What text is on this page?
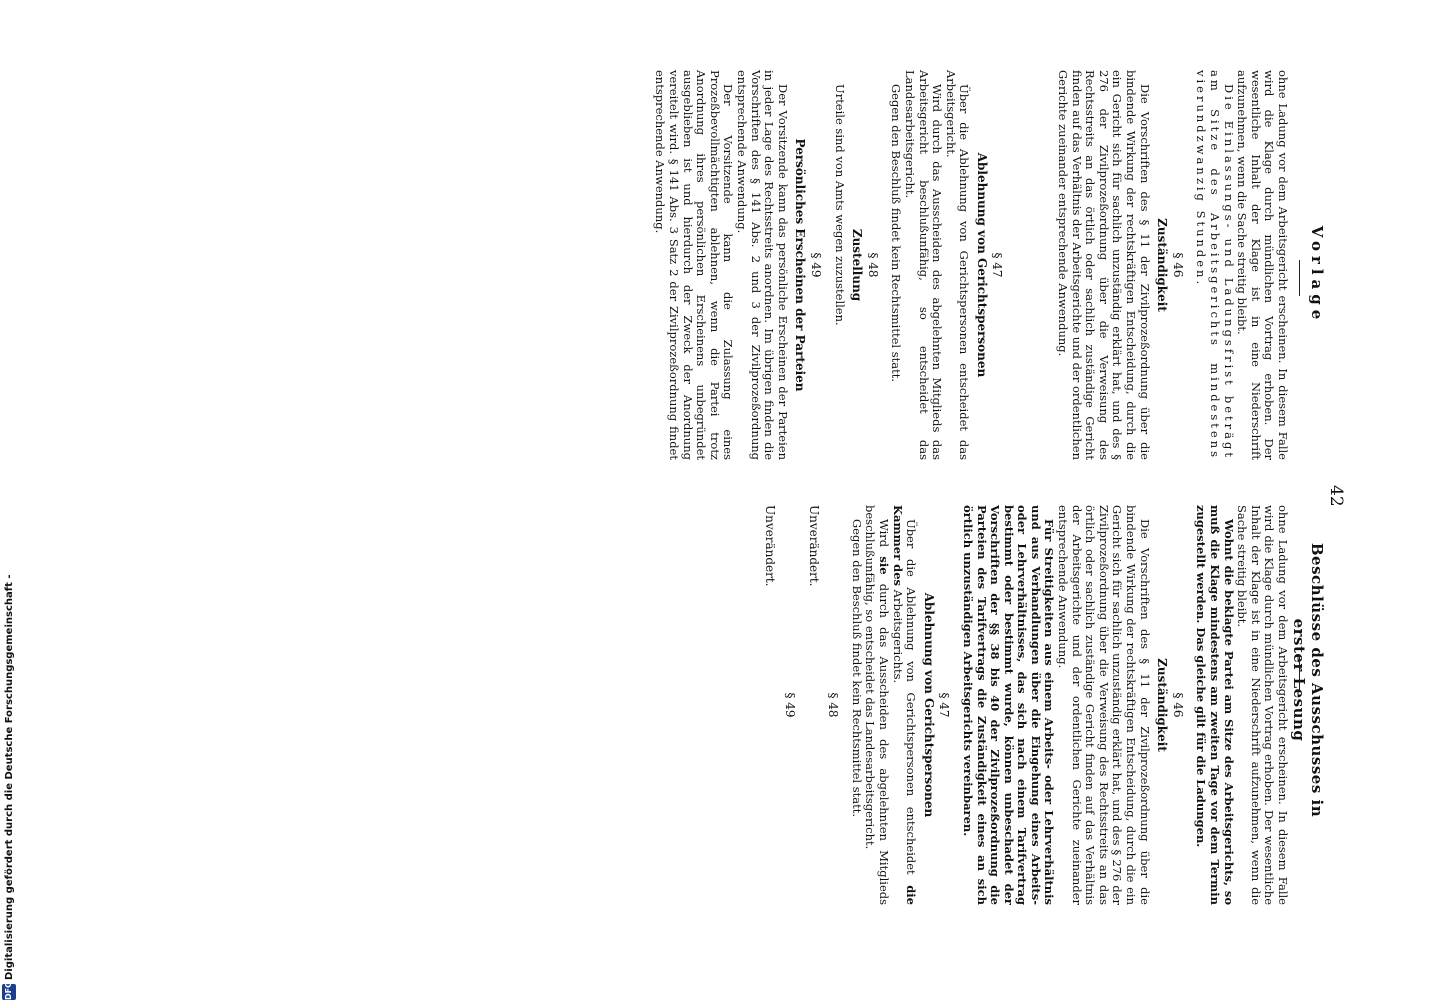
42
Vorlage
Beschlüsse des Ausschusses in erster Lesung

ohne Ladung vor dem Arbeitsgericht erscheinen. In diesem Falle wird die Klage durch mündlichen Vortrag erhoben. Der wesentliche Inhalt der Klage ist in eine Niederschrift aufzunehmen, wenn die Sache streitig bleibt.

Die Einlassungs- und Ladungsfrist beträgt am Sitze des Arbeitsgerichts mindestens vierundzwanzig Stunden.

§ 46
Zuständigkeit

Die Vorschriften des § 11 der Zivilprozeßordnung über die bindende Wirkung der rechtskräftigen Entscheidung, durch die ein Gericht sich für sachlich unzuständig erklärt hat, und des § 276 der Zivilprozeßordnung über die Verweisung des Rechtsstreits an das örtlich oder sachlich zuständige Gericht finden auf das Verhältnis der Arbeitsgerichte und der ordentlichen Gerichte zueinander entsprechende Anwendung.

§ 47
Ablehnung von Gerichtspersonen

Über die Ablehnung von Gerichtspersonen entscheidet das Arbeitsgericht.

Wird durch das Ausscheiden des abgelehnten Mitglieds das Arbeitsgericht beschlußunfähig, so entscheidet das Landesarbeitsgericht.

Gegen den Beschluß findet kein Rechtsmittel statt.

§ 48
Zustellung

Urteile sind von Amts wegen zuzustellen.

§ 49
Persönliches Erscheinen der Parteien

Der Vorsitzende kann das persönliche Erscheinen der Parteien in jeder Lage des Rechtsstreits anordnen. Im übrigen finden die Vorschriften des § 141 Abs. 2 und 3 der Zivilprozeßordnung entsprechende Anwendung.

Der Vorsitzende kann die Zulassung eines Prozeßbevollmächtigten ablehnen, wenn die Partei trotz Anordnung ihres persönlichen Erscheinens unbegründet ausgeblieben ist und hierdurch der Zweck der Anordnung vereitelt wird. § 141 Abs. 3 Satz 2 der Zivilprozeßordnung findet entsprechende Anwendung.

ohne Ladung vor dem Arbeitsgericht erscheinen. In diesem Falle wird die Klage durch mündlichen Vortrag erhoben. Der wesentliche Inhalt der Klage ist in eine Niederschrift aufzunehmen, wenn die Sache streitig bleibt.

Wohnt die beklagte Partei am Sitze des Arbeitsgerichts, so muß die Klage mindestens am zweiten Tage vor dem Termin zugestellt werden. Das gleiche gilt für die Ladungen.

§ 46
Zuständigkeit

Die Vorschriften des § 11 der Zivilprozeßordnung über die bindende Wirkung der rechtskräftigen Entscheidung, durch die ein Gericht sich für sachlich unzuständig erklärt hat, und des § 276 der Zivilprozeßordnung über die Verweisung des Rechtsstreits an das örtlich oder sachlich zuständige Gericht finden auf das Verhältnis der Arbeitsgerichte und der ordentlichen Gerichte zueinander entsprechende Anwendung.

Für Streitigkeiten aus einem Arbeits- oder Lehrverhältnis und aus Verhandlungen über die Eingehung eines Arbeits- oder Lehrverhältnisses, das sich nach einem Tarifvertrag bestimmt oder bestimmt wurde, können unbeschadet der Vorschriften der §§ 38 bis 40 der Zivilprozeßordnung die Parteien des Tarifvertrags die Zuständigkeit eines an sich örtlich unzuständigen Arbeitsgerichts vereinbaren.

§ 47
Ablehnung von Gerichtspersonen

Über die Ablehnung von Gerichtspersonen entscheidet die Kammer des Arbeitsgerichts.

Wird sie durch das Ausscheiden des abgelehnten Mitglieds beschlußunfähig, so entscheidet das Landesarbeitsgericht.

Gegen den Beschluß findet kein Rechtsmittel statt.

§ 48
Unverändert.
§ 49
Unverändert.
DFG
Digitalisierung gefördert durch die Deutsche Forschungsgemeinschaft -
